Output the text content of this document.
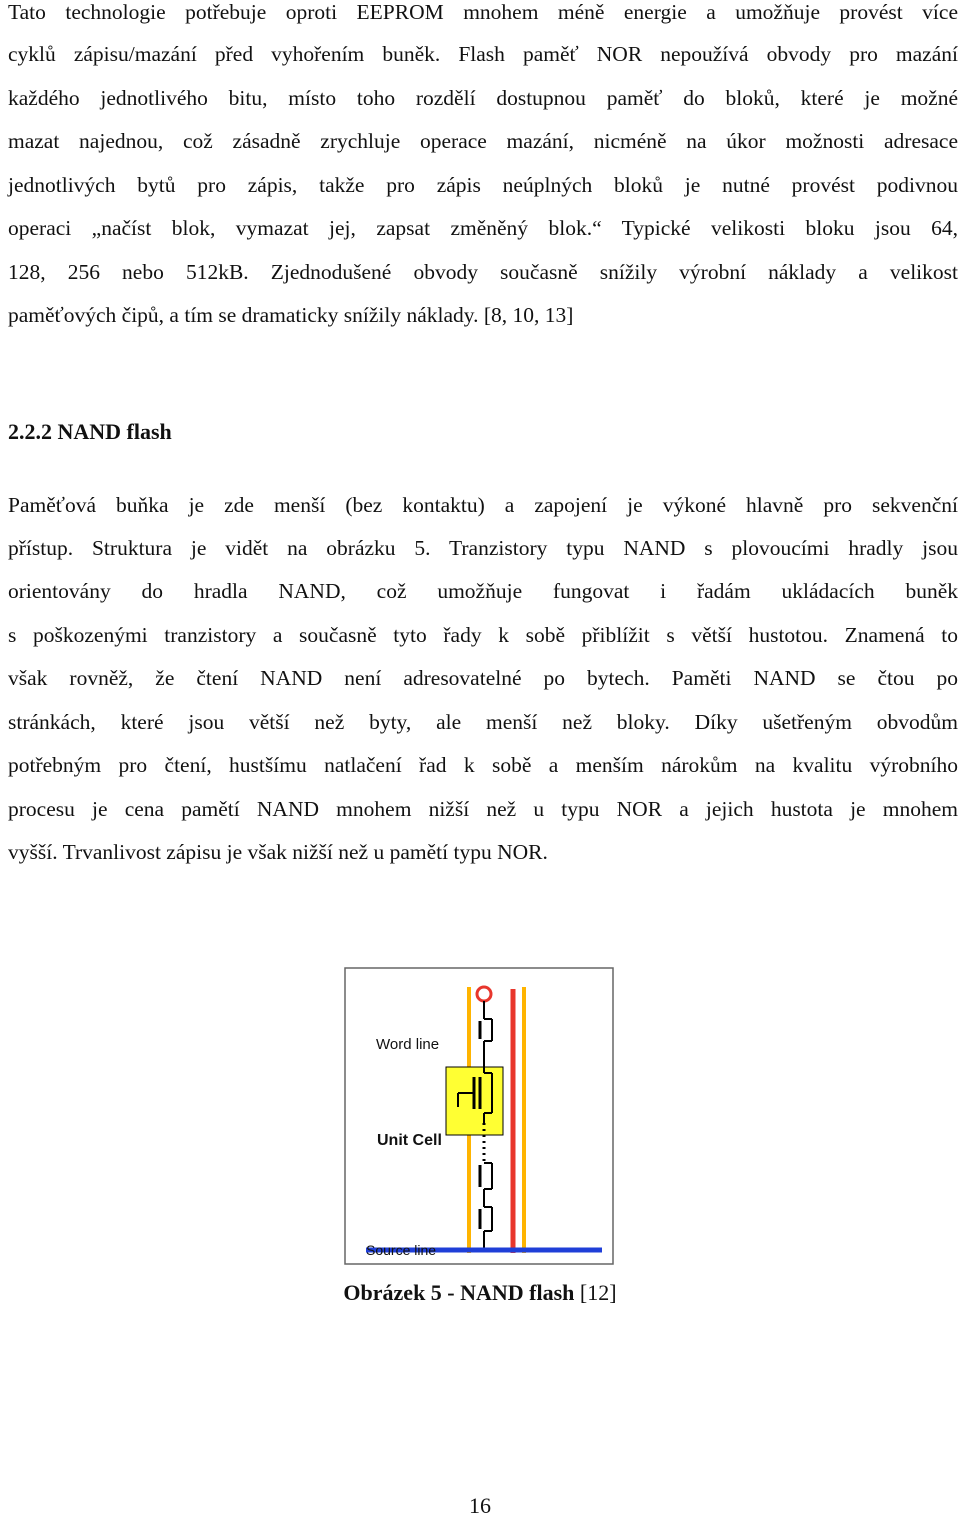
Tato technologie potřebuje oproti EEPROM mnohem méně energie a umožňuje provést více
cyklů zápisu/mazání před vyhořením buněk. Flash paměť NOR nepoužívá obvody pro mazání
každého jednotlivého bitu, místo toho rozdělí dostupnou paměť do bloků, které je možné
mazat najednou, což zásadně zrychluje operace mazání, nicméně na úkor možnosti adresace
jednotlivých bytů pro zápis, takže pro zápis neúplných bloků je nutné provést podivnou
operaci „načíst blok, vymazat jej, zapsat změněný blok.“ Typické velikosti bloku jsou 64,
128, 256 nebo 512kB. Zjednodušené obvody současně snížily výrobní náklady a velikost
paměťových čipů, a tím se dramaticky snížily náklady. [8, 10, 13]
2.2.2 NAND flash
Paměťová buňka je zde menší (bez kontaktu) a zapojení je výkoné hlavně pro sekvenční
přístup. Struktura je vidět na obrázku 5. Tranzistory typu NAND s plovoucími hradly jsou
orientovány do hradla NAND, což umožňuje fungovat i řadám ukládacích buněk
s poškozenými tranzistory a současně tyto řady k sobě přiblížit s větší hustotou. Znamená to
však rovněž, že čtení NAND není adresovatelné po bytech. Paměti NAND se čtou po
stránkách, které jsou větší než byty, ale menší než bloky. Díky ušetřeným obvodům
potřebným pro čtení, hustšímu natlačení řad k sobě a menším nárokům na kvalitu výrobního
procesu je cena pamětí NAND mnohem nižší než u typu NOR a jejich hustota je mnohem
vyšší. Trvanlivost zápisu je však nižší než u pamětí typu NOR.
Word line
Unit Cell
Source line
Obrázek 5 - NAND flash [12]
16
